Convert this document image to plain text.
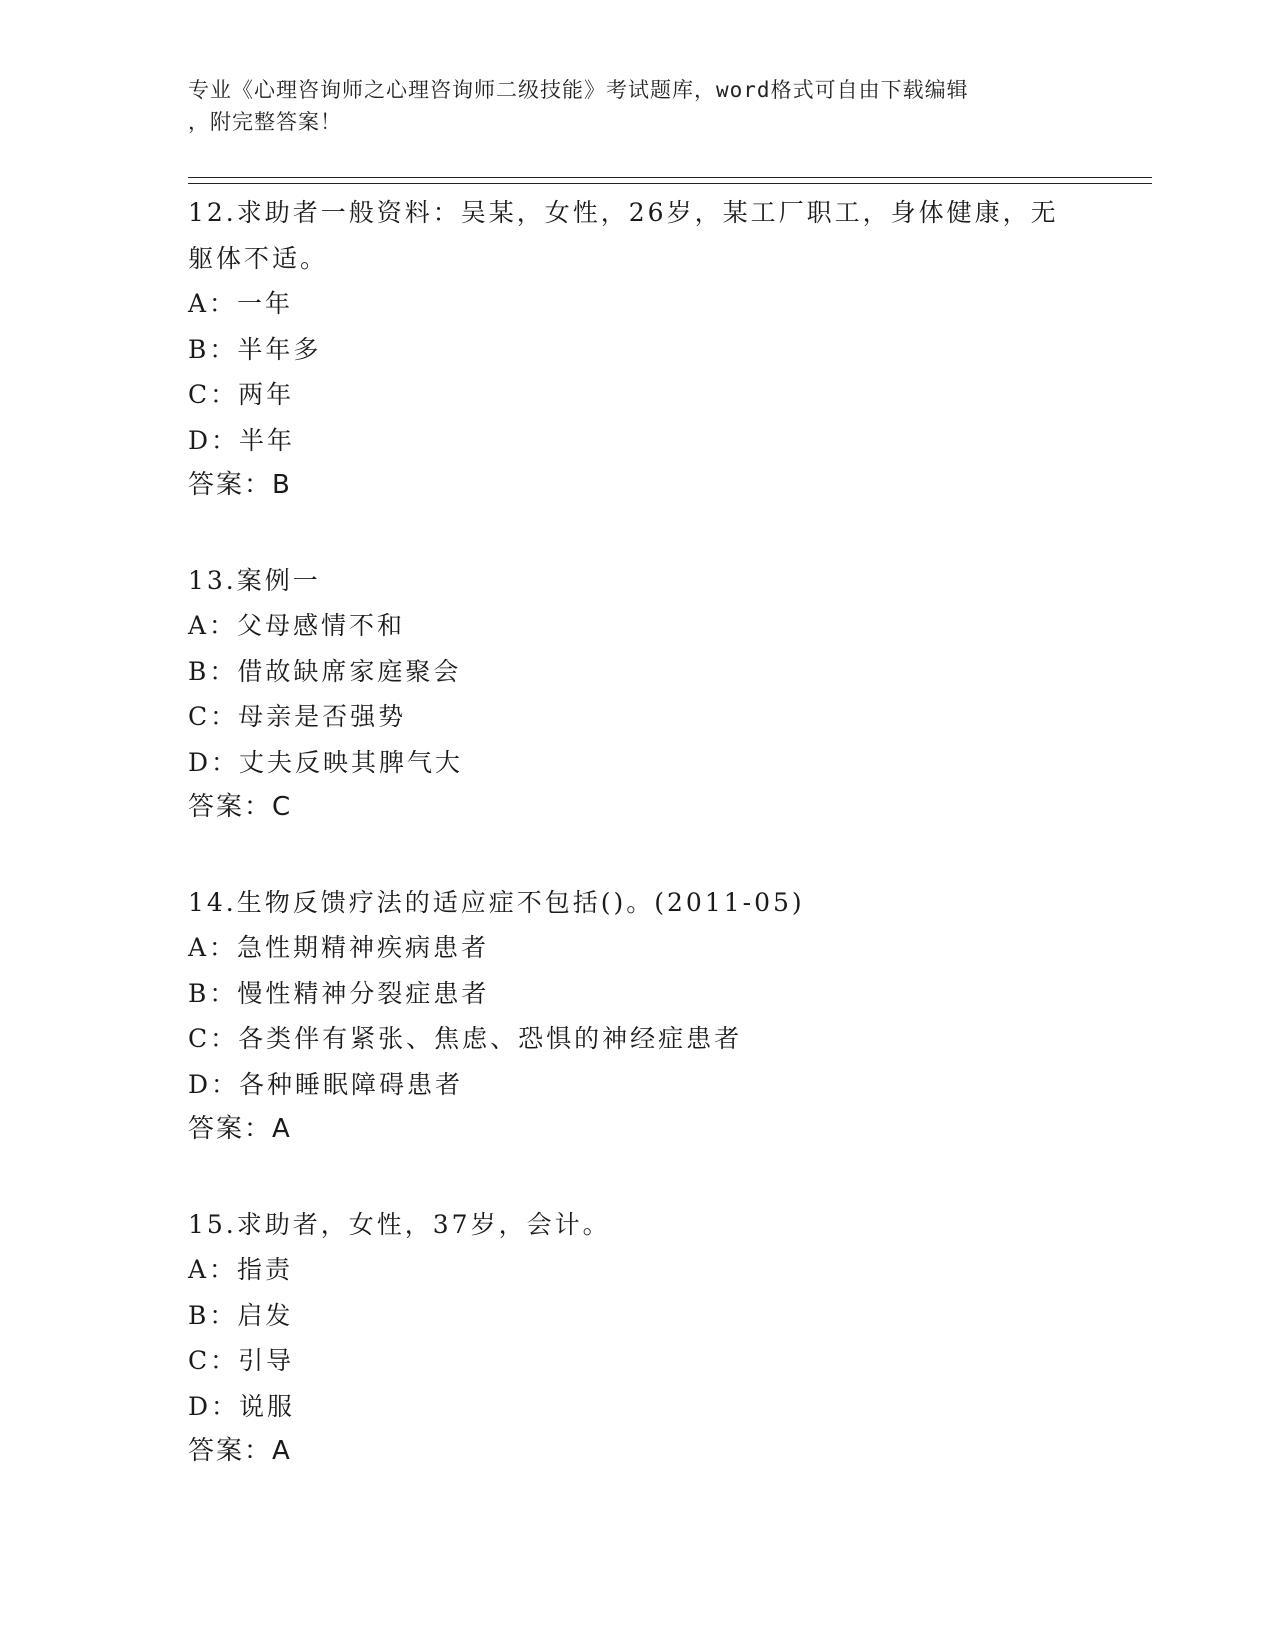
专业《心理咨询师之心理咨询师二级技能》考试题库，word格式可自由下载编辑
，附完整答案！
12.求助者一般资料：吴某，女性，26岁，某工厂职工，身体健康，无
躯体不适。
A：一年
B：半年多
C：两年
D：半年
答案：B
13.案例一
A：父母感情不和
B：借故缺席家庭聚会
C：母亲是否强势
D：丈夫反映其脾气大
答案：C
14.生物反馈疗法的适应症不包括()。(2011-05)
A：急性期精神疾病患者
B：慢性精神分裂症患者
C：各类伴有紧张、焦虑、恐惧的神经症患者
D：各种睡眠障碍患者
答案：A
15.求助者，女性，37岁，会计。
A：指责
B：启发
C：引导
D：说服
答案：A
